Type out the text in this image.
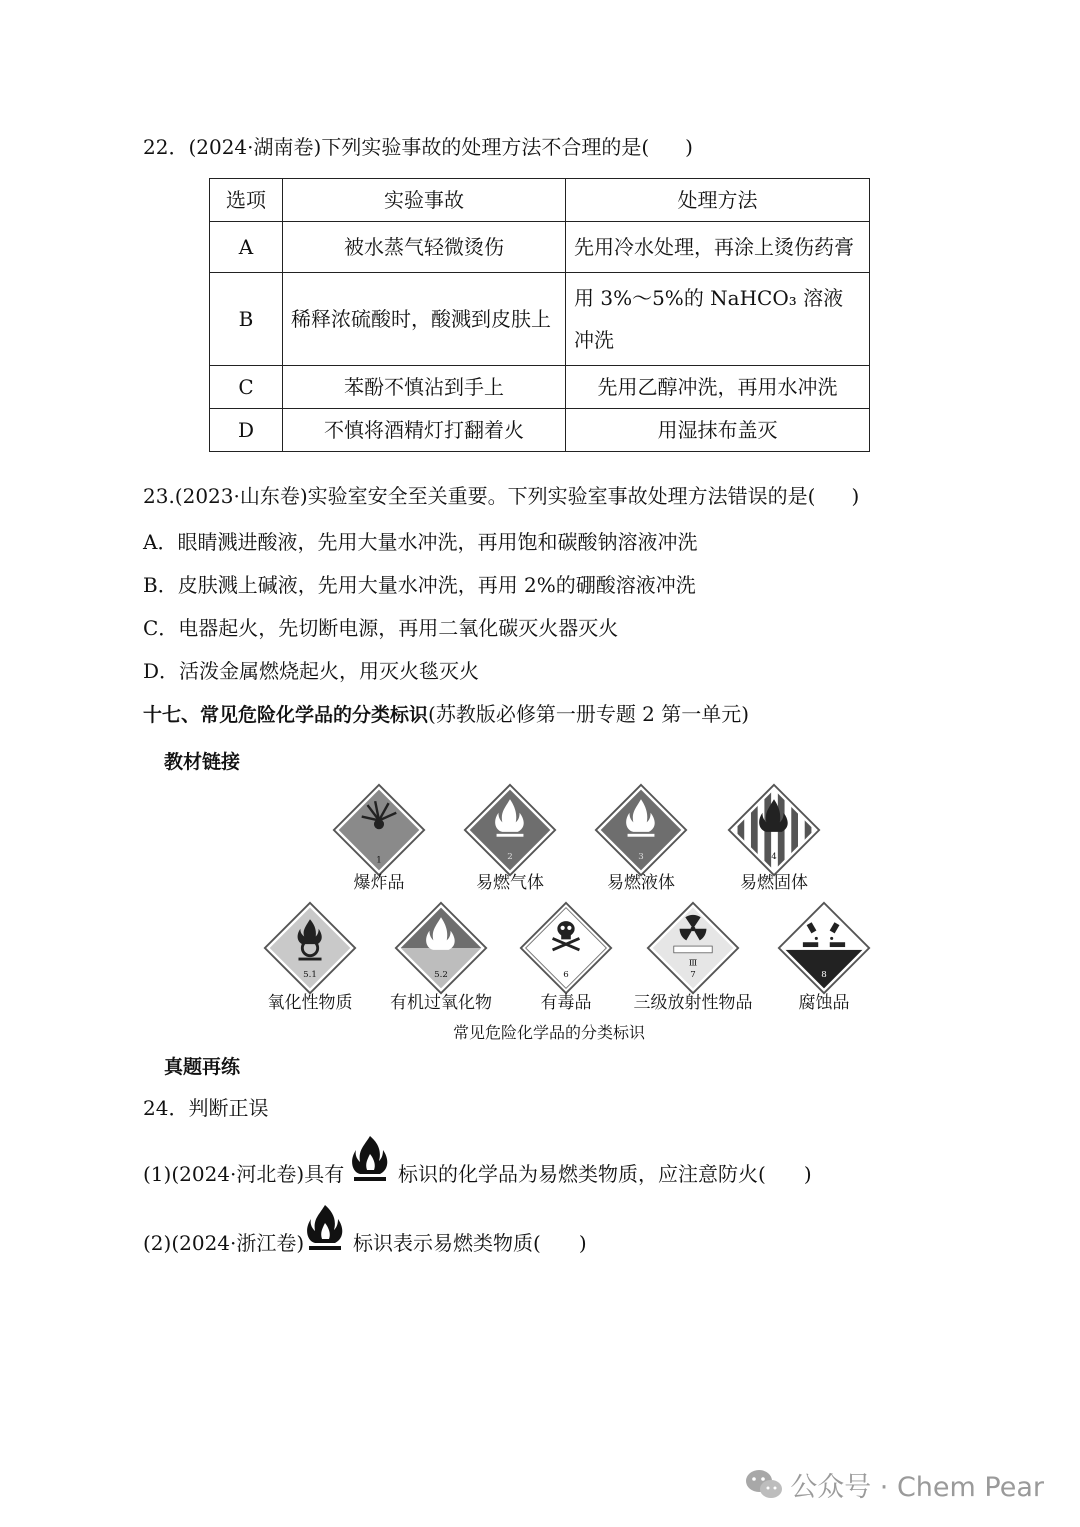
22．(2024·湖南卷)下列实验事故的处理方法不合理的是( )
选项	实验事故	处理方法
A	被水蒸气轻微烫伤	先用冷水处理，再涂上烫伤药膏
B	稀释浓硫酸时，酸溅到皮肤上	用 3%～5%的 NaHCO₃ 溶液冲洗
C	苯酚不慎沾到手上	先用乙醇冲洗，再用水冲洗
D	不慎将酒精灯打翻着火	用湿抹布盖灭
23.(2023·山东卷)实验室安全至关重要。下列实验室事故处理方法错误的是( )
A．眼睛溅进酸液，先用大量水冲洗，再用饱和碳酸钠溶液冲洗
B．皮肤溅上碱液，先用大量水冲洗，再用 2%的硼酸溶液冲洗
C．电器起火，先切断电源，再用二氧化碳灭火器灭火
D．活泼金属燃烧起火，用灭火毯灭火
十七、常见危险化学品的分类标识(苏教版必修第一册专题 2 第一单元)
教材链接
1
爆炸品
2
易燃气体
3
易燃液体
4
易燃固体
5.1
氧化性物质
5.2
有机过氧化物
6
有毒品
Ⅲ
7
三级放射性物品
8
腐蚀品
常见危险化学品的分类标识
真题再练
24．判断正误
(1)(2024·河北卷)具有	标识的化学品为易燃类物质，应注意防火( )
(2)(2024·浙江卷) 标识表示易燃类物质( )
公众号 · Chem Pear
